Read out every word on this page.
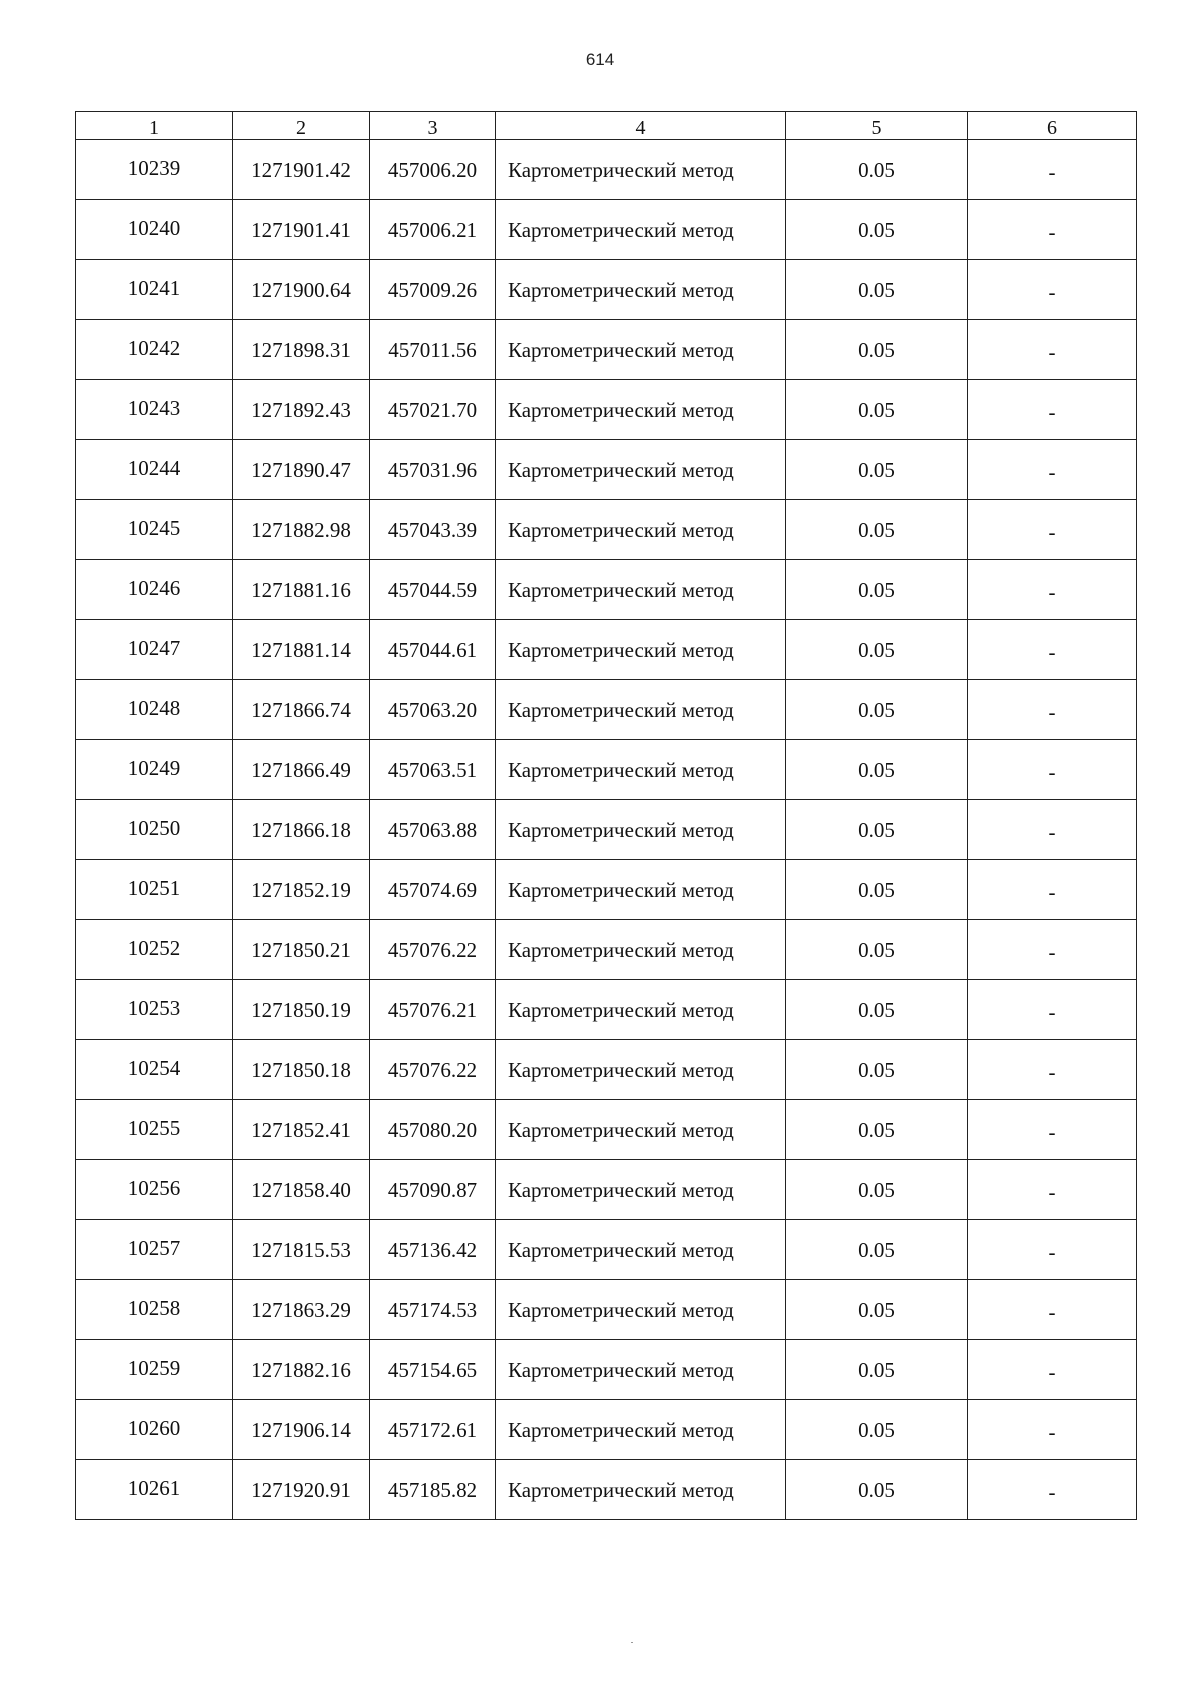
614
1	2	3	4	5	6
10239	1271901.42	457006.20	Картометрический метод	0.05	-
10240	1271901.41	457006.21	Картометрический метод	0.05	-
10241	1271900.64	457009.26	Картометрический метод	0.05	-
10242	1271898.31	457011.56	Картометрический метод	0.05	-
10243	1271892.43	457021.70	Картометрический метод	0.05	-
10244	1271890.47	457031.96	Картометрический метод	0.05	-
10245	1271882.98	457043.39	Картометрический метод	0.05	-
10246	1271881.16	457044.59	Картометрический метод	0.05	-
10247	1271881.14	457044.61	Картометрический метод	0.05	-
10248	1271866.74	457063.20	Картометрический метод	0.05	-
10249	1271866.49	457063.51	Картометрический метод	0.05	-
10250	1271866.18	457063.88	Картометрический метод	0.05	-
10251	1271852.19	457074.69	Картометрический метод	0.05	-
10252	1271850.21	457076.22	Картометрический метод	0.05	-
10253	1271850.19	457076.21	Картометрический метод	0.05	-
10254	1271850.18	457076.22	Картометрический метод	0.05	-
10255	1271852.41	457080.20	Картометрический метод	0.05	-
10256	1271858.40	457090.87	Картометрический метод	0.05	-
10257	1271815.53	457136.42	Картометрический метод	0.05	-
10258	1271863.29	457174.53	Картометрический метод	0.05	-
10259	1271882.16	457154.65	Картометрический метод	0.05	-
10260	1271906.14	457172.61	Картометрический метод	0.05	-
10261	1271920.91	457185.82	Картометрический метод	0.05	-
